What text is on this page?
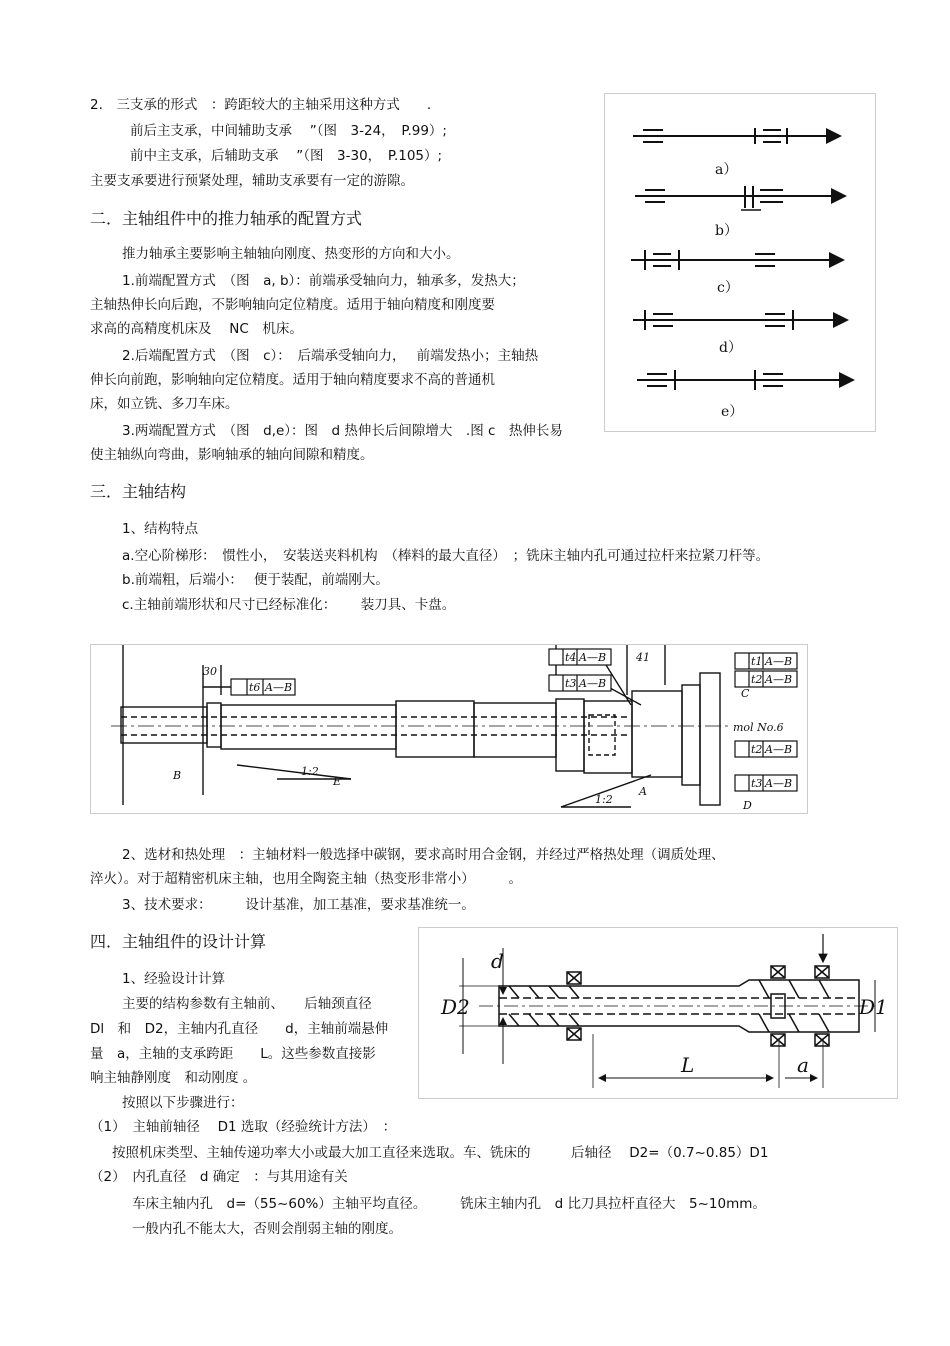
2.　三支承的形式　：跨距较大的主轴采用这种方式　　.
前后主支承，中间辅助支承　 ”（图　3-24，　P.99）;
前中主支承，后辅助支承　 ”（图　3-30，　P.105）;
主要支承要进行预紧处理，辅助支承要有一定的游隙。
二．主轴组件中的推力轴承的配置方式
推力轴承主要影响主轴轴向刚度、热变形的方向和大小。
1.前端配置方式　（图　a, b）：前端承受轴向力，轴承多，发热大；
主轴热伸长向后跑，不影响轴向定位精度。适用于轴向精度和刚度要
求高的高精度机床及　 NC　机床。
2.后端配置方式　（图　c）：　后端承受轴向力，　 前端发热小；主轴热
伸长向前跑，影响轴向定位精度。适用于轴向精度要求不高的普通机
床，如立铣、多刀车床。
3.两端配置方式　（图　d,e）：图　d 热伸长后间隙增大　.图 c　热伸长易
使主轴纵向弯曲，影响轴承的轴向间隙和精度。
a）
b）
c）
d）
e）
三．主轴结构
1、结构特点
a.空心阶梯形：　惯性小，　安装送夹料机构　（棒料的最大直径）　；铣床主轴内孔可通过拉杆来拉紧刀杆等。
b.前端粗，后端小：　 便于装配，前端刚大。
c.主轴前端形状和尺寸已经标准化：　　 装刀具、卡盘。
30
41
t6 A—B
t4 A—B
t3 A—B
t1 A—B
t2 A—B
t2 A—B
t3 A—B
1:2
1:2
B	E
A
C
D
mol No.6
2、选材和热处理　：主轴材料一般选择中碳钢，要求高时用合金钢，并经过严格热处理（调质处理、
淬火）。对于超精密机床主轴，也用全陶瓷主轴（热变形非常小）　　　。
3、技术要求：　　　设计基准，加工基准，要求基准统一。
四．主轴组件的设计计算
1、经验设计计算
主要的结构参数有主轴前、　　后轴颈直径
Dl　和　D2，主轴内孔直径　　d，主轴前端悬伸
量　a，主轴的支承跨距　　L。这些参数直接影
响主轴静刚度　和动刚度 。
按照以下步骤进行：
（1）　主轴前轴径　 D1 选取（经验统计方法）　：
按照机床类型、主轴传递功率大小或最大加工直径来选取。车、铣床的　　　后轴径　 D2=（0.7~0.85）D1
（2）　内孔直径　d 确定　：与其用途有关
车床主轴内孔　d=（55~60%）主轴平均直径。　　　铣床主轴内孔　d 比刀具拉杆直径大　5~10mm。
一般内孔不能太大，否则会削弱主轴的刚度。
d
D2	D1
L	a
